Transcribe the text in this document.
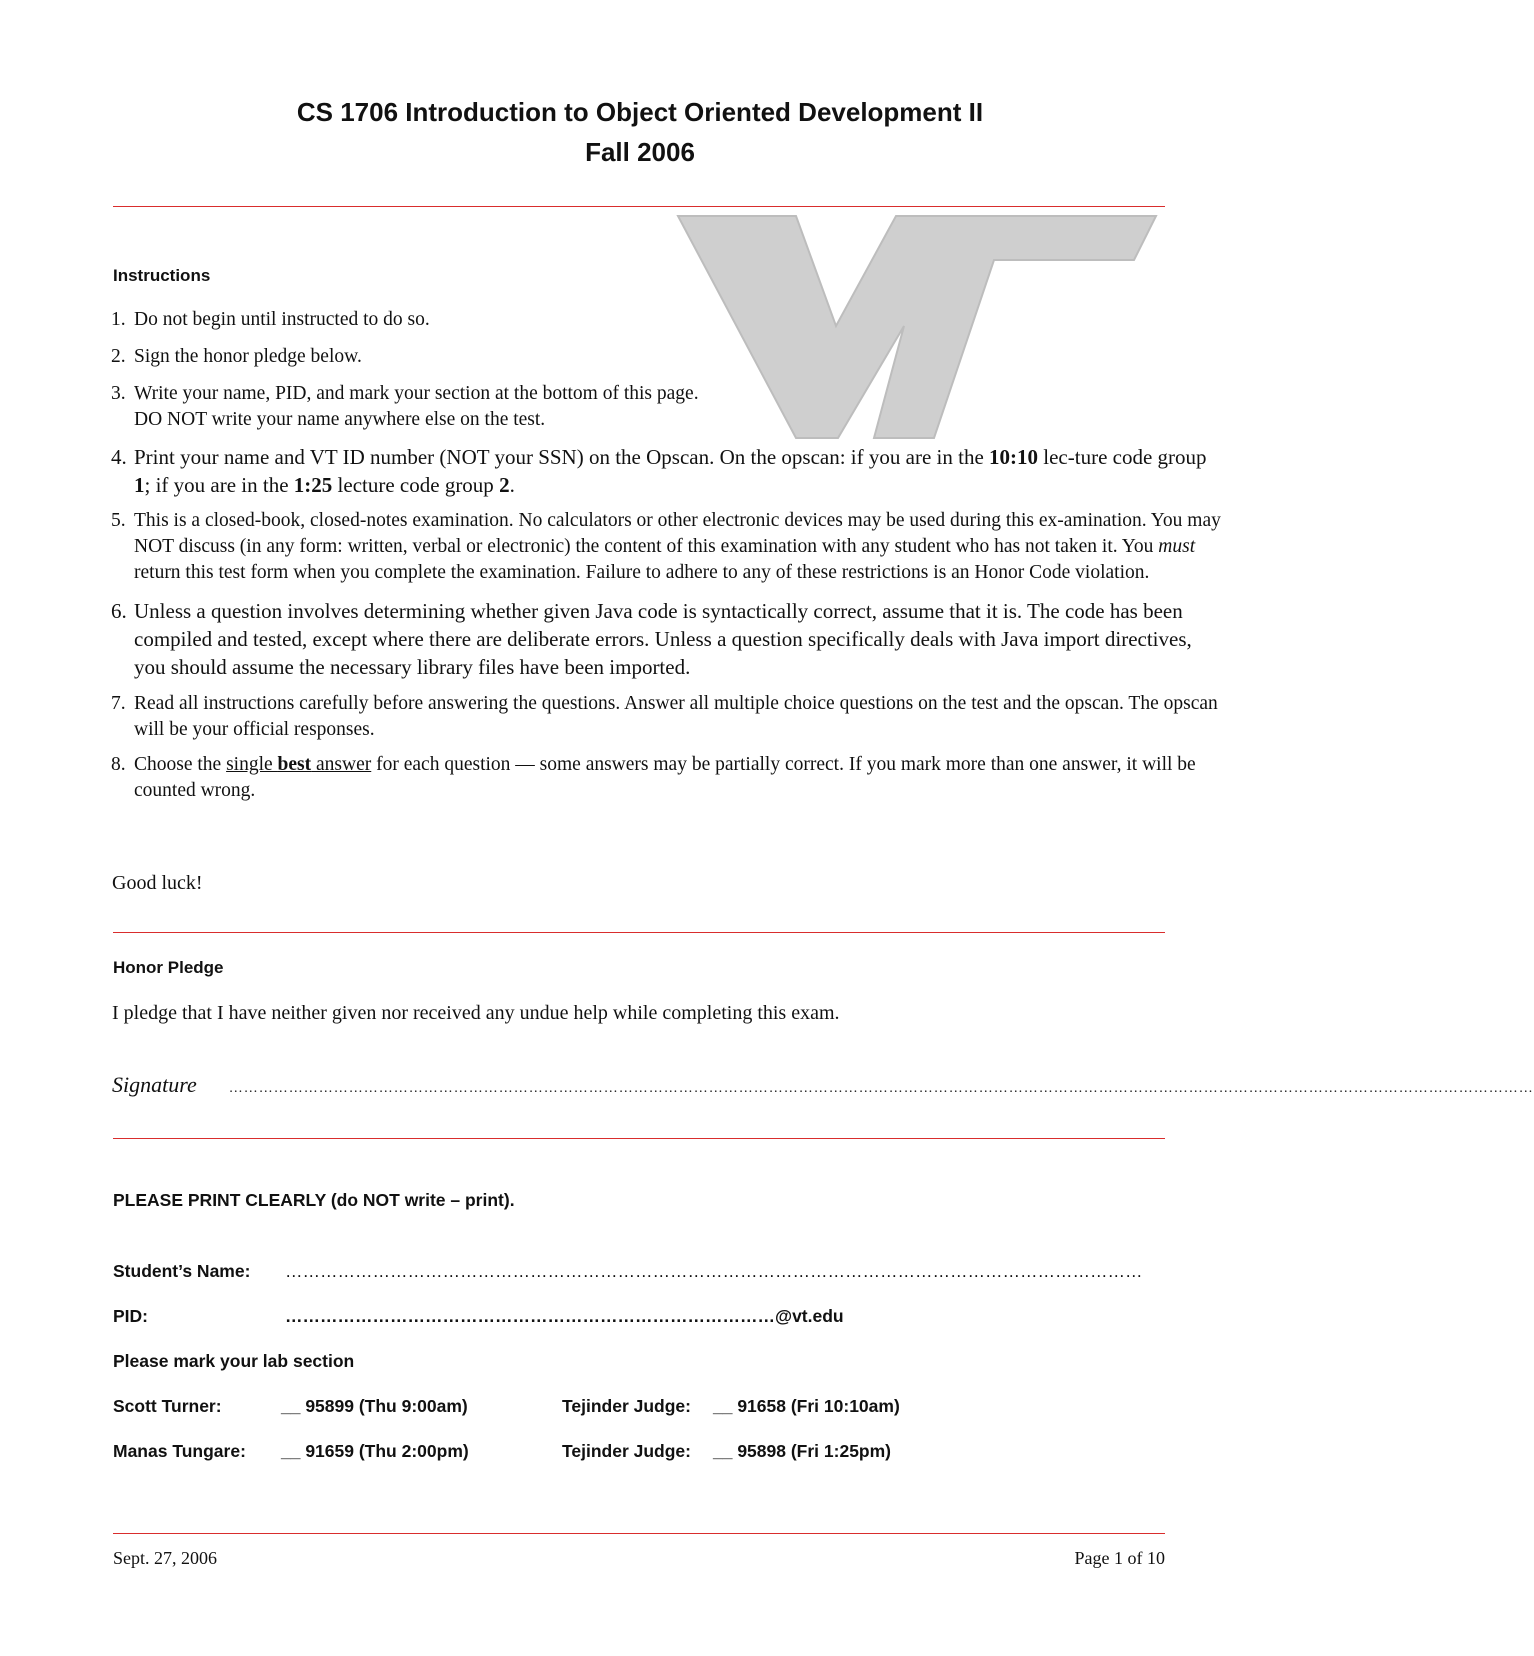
CS 1706 Introduction to Object Oriented Development II
Fall 2006
Instructions
1. Do not begin until instructed to do so.
2. Sign the honor pledge below.
3. Write your name, PID, and mark your section at the bottom of this page.
DO NOT write your name anywhere else on the test.
4. Print your name and VT ID number (NOT your SSN) on the Opscan. On the opscan: if you are in the 10:10 lec-ture code group 1; if you are in the 1:25 lecture code group 2.
5. This is a closed-book, closed-notes examination. No calculators or other electronic devices may be used during this ex-amination. You may NOT discuss (in any form: written, verbal or electronic) the content of this examination with any student who has not taken it. You must return this test form when you complete the examination. Failure to adhere to any of these restrictions is an Honor Code violation.
6. Unless a question involves determining whether given Java code is syntactically correct, assume that it is. The code has been compiled and tested, except where there are deliberate errors. Unless a question specifically deals with Java import directives, you should assume the necessary library files have been imported.
7. Read all instructions carefully before answering the questions. Answer all multiple choice questions on the test and the opscan. The opscan will be your official responses.
8. Choose the single best answer for each question — some answers may be partially correct. If you mark more than one answer, it will be counted wrong.
Good luck!
Honor Pledge
I pledge that I have neither given nor received any undue help while completing this exam.
Signature ………………………………………………………………………………………………………………………………………………………………………………………………………………………………………
PLEASE PRINT CLEARLY (do NOT write – print).
Student’s Name: …………………………………………………………………………………………………………………………………
PID:	…………………………………………………………………………@vt.edu
Please mark your lab section
Scott Turner:	__ 95899 (Thu 9:00am)	Tejinder Judge: __ 91658 (Fri 10:10am)
Manas Tungare: __ 91659 (Thu 2:00pm)	Tejinder Judge: __ 95898 (Fri 1:25pm)
Sept. 27, 2006	Page 1 of 10
